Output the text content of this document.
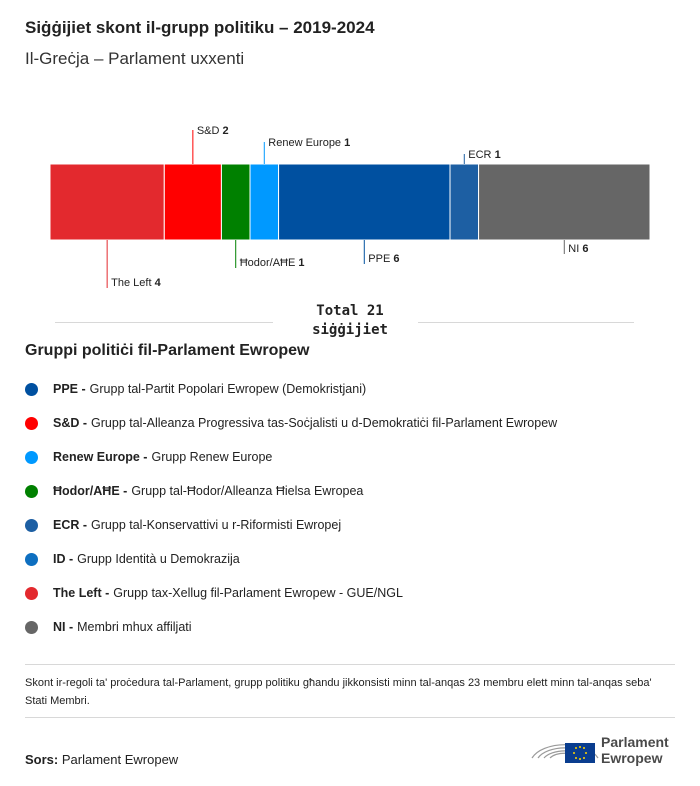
Siġġijiet skont il-grupp politiku – 2019-2024
Il-Greċja – Parlament uxxenti
The Left 4
S&D 2
Ħodor/AĦE 1
Renew Europe 1
PPE 6
ECR 1
NI 6
Total 21
siġġijiet
Gruppi politiċi fil-Parlament Ewropew
PPE - Grupp tal-Partit Popolari Ewropew (Demokristjani)
S&D - Grupp tal-Alleanza Progressiva tas-Soċjalisti u d-Demokratiċi fil-Parlament Ewropew
Renew Europe - Grupp Renew Europe
Ħodor/AĦE - Grupp tal-Ħodor/Alleanza Ħielsa Ewropea
ECR - Grupp tal-Konservattivi u r-Riformisti Ewropej
ID - Grupp Identità u Demokrazija
The Left - Grupp tax-Xellug fil-Parlament Ewropew - GUE/NGL
NI - Membri mhux affiljati
Skont ir-regoli ta' proċedura tal-Parlament, grupp politiku għandu jikkonsisti minn tal-anqas 23 membru elett minn tal-anqas seba' Stati Membri.
Sors: Parlament Ewropew
Parlament
Ewropew
